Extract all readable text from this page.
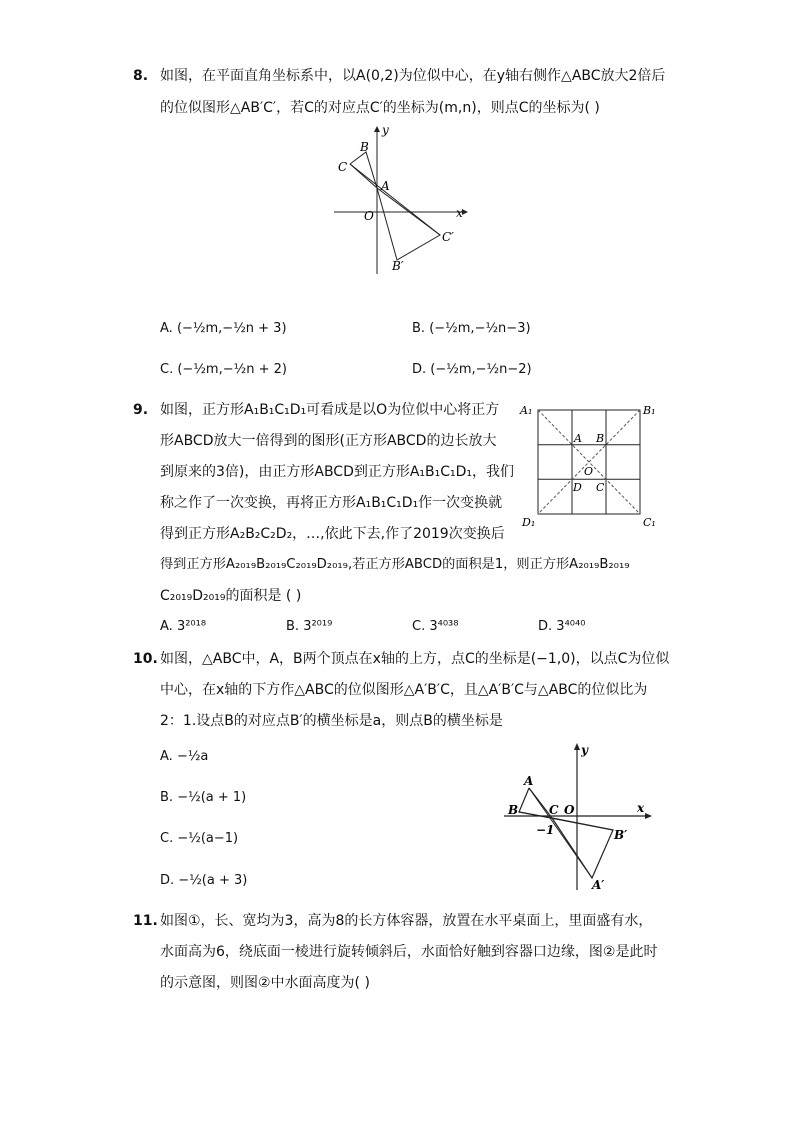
8. 如图，在平面直角坐标系中，以A(0,2)为位似中心，在y轴右侧作△ABC放大2倍后
的位似图形△AB′C′，若C的对应点C′的坐标为(m,n)，则点C的坐标为( )
y
x
O
A
B
C
B′
C′
A. (−½m,−½n + 3)	B. (−½m,−½n−3)
C. (−½m,−½n + 2)	D. (−½m,−½n−2)
9. 如图，正方形A₁B₁C₁D₁可看成是以O为位似中心将正方
形ABCD放大一倍得到的图形(正方形ABCD的边长放大
到原来的3倍)，由正方形ABCD到正方形A₁B₁C₁D₁，我们
称之作了一次变换，再将正方形A₁B₁C₁D₁作一次变换就
得到正方形A₂B₂C₂D₂，…,依此下去,作了2019次变换后
得到正方形A₂₀₁₉B₂₀₁₉C₂₀₁₉D₂₀₁₉,若正方形ABCD的面积是1，则正方形A₂₀₁₉B₂₀₁₉
C₂₀₁₉D₂₀₁₉的面积是 ( )
A₁	B₁
C₁
D₁
A B
C
D
O
A. 3²⁰¹⁸	B. 3²⁰¹⁹	C. 3⁴⁰³⁸	D. 3⁴⁰⁴⁰
10. 如图，△ABC中，A，B两个顶点在x轴的上方，点C的坐标是(−1,0)，以点C为位似
中心，在x轴的下方作△ABC的位似图形△A′B′C，且△A′B′C与△ABC的位似比为
2：1.设点B的对应点B′的横坐标是a，则点B的横坐标是
A. −½a
B. −½(a + 1)
C. −½(a−1)
D. −½(a + 3)
y
x
O
A
B	C
−1	B′
A′
11. 如图①，长、宽均为3，高为8的长方体容器，放置在水平桌面上，里面盛有水，
水面高为6，绕底面一棱进行旋转倾斜后，水面恰好触到容器口边缘，图②是此时
的示意图，则图②中水面高度为( )
